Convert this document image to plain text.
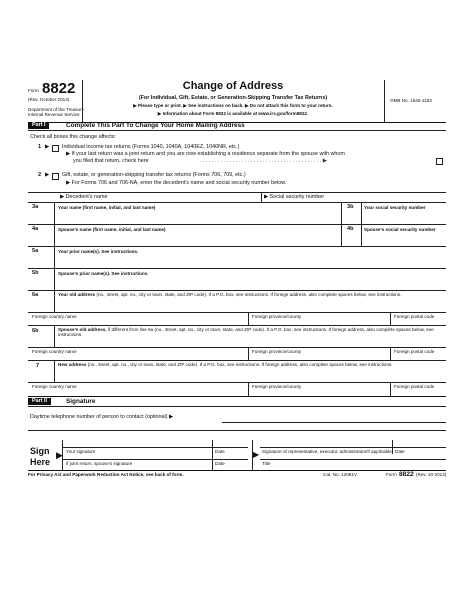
Form 8822
(Rev. October 2014)
Department of the Treasury
Internal Revenue Service
Change of Address
(For Individual, Gift, Estate, or Generation-Skipping Transfer Tax Returns)
▶ Please type or print. ▶ See instructions on back. ▶ Do not attach this form to your return.
▶ Information about Form 8822 is available at www.irs.gov/form8822.
OMB No. 1545-1163
Part I	Complete This Part To Change Your Home Mailing Address
Check all boxes this change affects:
1 ▶ Individual income tax returns (Forms 1040, 1040A, 1040EZ, 1040NR, etc.)
▶ If your last return was a joint return and you are now establishing a residence separate from the spouse with whom
you filed that return, check here	. . . . . . . . . . . . . . . . . . . . . . . . . . . . . . . . . . . . . . . . . ▶
2 ▶ Gift, estate, or generation-skipping transfer tax returns (Forms 706, 709, etc.)
▶ For Forms 706 and 706-NA, enter the decedent’s name and social security number below.
▶ Decedent’s name	▶ Social security number
3a	Your name (first name, initial, and last name)	3b Your social security number
4a	Spouse’s name (first name, initial, and last name)	4b Spouse’s social security number
5a	Your prior name(s). See instructions.
5b	Spouse’s prior name(s). See instructions.
6a	Your old address (no., street, apt. no., city or town, state, and ZIP code). If a P.O. box, see instructions. If foreign address, also complete spaces below, see instructions.
Foreign country name	Foreign province/county	Foreign postal code
6b	Spouse’s old address, if different from line 6a (no., street, apt. no., city or town, state, and ZIP code). If a P.O. box, see instructions. If foreign address, also complete spaces below, see instructions.
Foreign country name	Foreign province/county	Foreign postal code
7	New address (no., street, apt. no., city or town, state, and ZIP code). If a P.O. box, see instructions. If foreign address, also complete spaces below, see instructions.
Foreign country name	Foreign province/county	Foreign postal code
Part II	Signature
Daytime telephone number of person to contact (optional) ▶
Sign
Here
▶	▶
Your signature	Date
If joint return, spouse’s signature	Date
Signature of representative, executor, administrator/if applicable Date
Title
For Privacy Act and Paperwork Reduction Act Notice, see back of form.	Cat. No. 12081V	Form 8822 (Rev. 10-2014)
